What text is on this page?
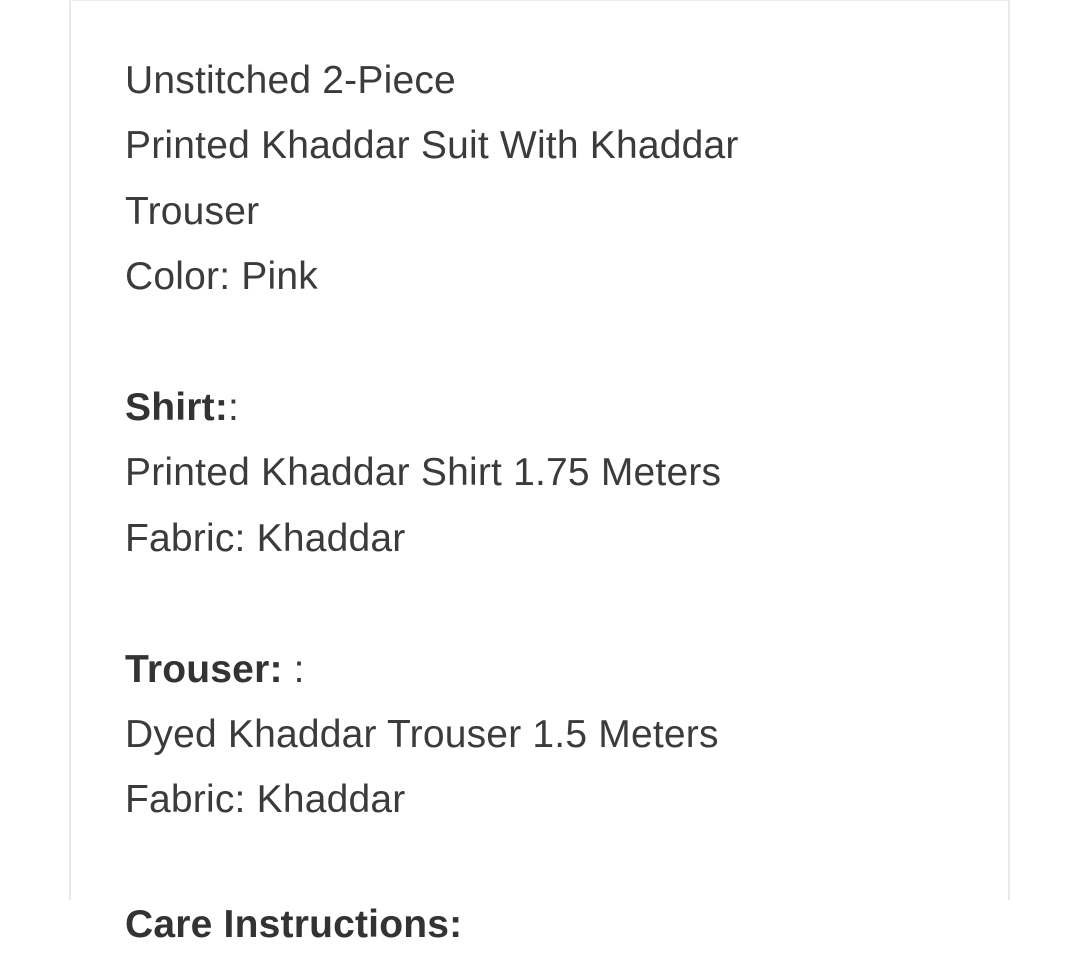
Unstitched 2-Piece
Printed Khaddar Suit With Khaddar
Trouser
Color: Pink
Shirt::
Printed Khaddar Shirt 1.75 Meters
Fabric: Khaddar
Trouser: :
Dyed Khaddar Trouser 1.5 Meters
Fabric: Khaddar
Care Instructions:
